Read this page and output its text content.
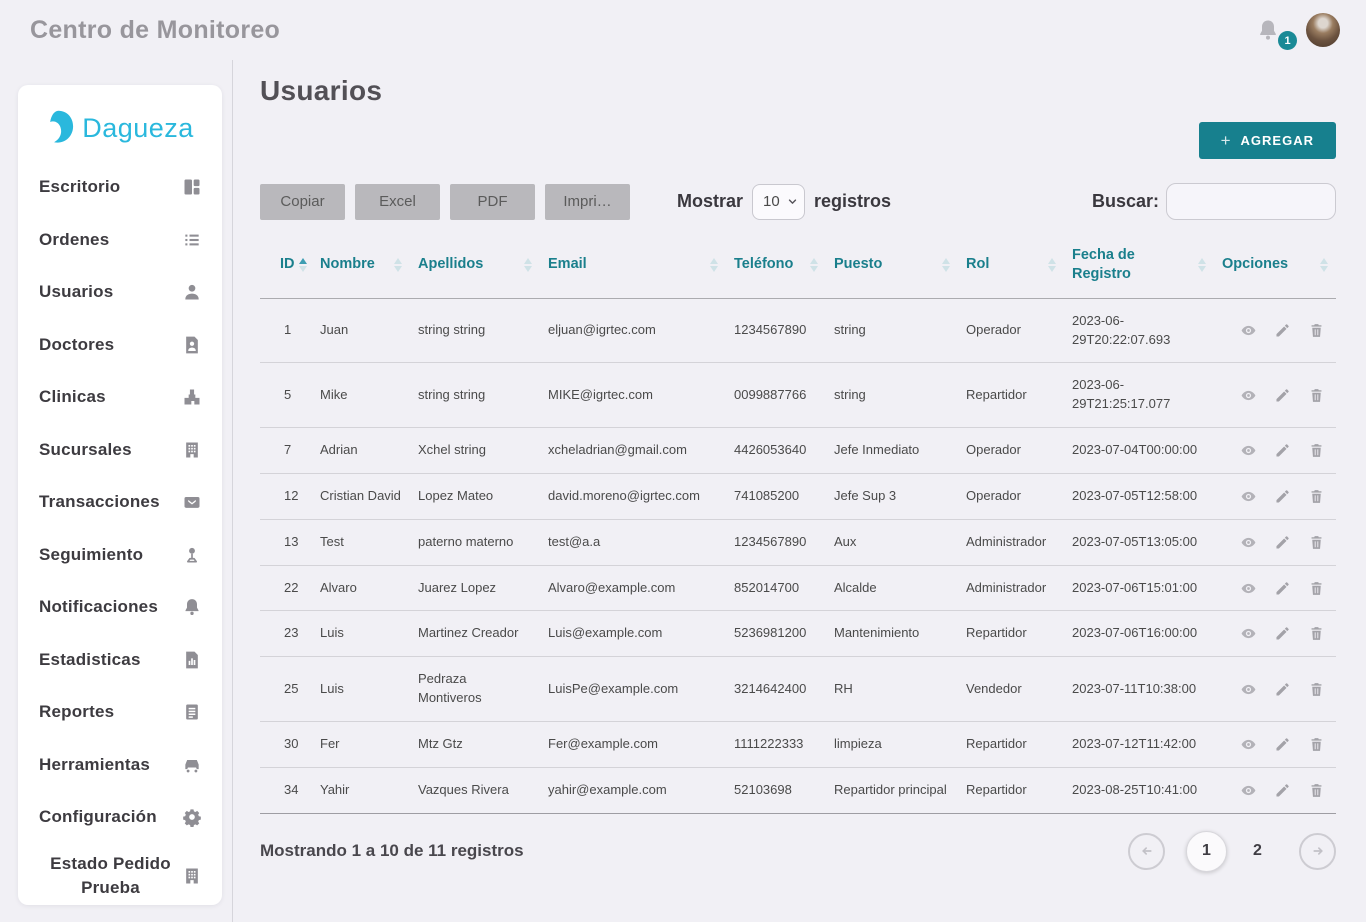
Centro de Monitoreo	1
Dagueza
Escritorio
Ordenes
Usuarios
Doctores
Clinicas
Sucursales
Transacciones
Seguimiento
Notificaciones
Estadisticas
Reportes
Herramientas
Configuración
Estado Pedido Prueba
Usuarios
+ AGREGAR
Copiar	Excel	PDF	Impri…	Mostrar
10	registros	Buscar:
ID	Nombre	Apellidos	Email	Teléfono	Puesto	Rol	Fecha de Registro	Opciones

1	Juan	string string	eljuan@igrtec.com	1234567890	string	Operador	2023-06-29T20:22:07.693	

5	Mike	string string	MIKE@igrtec.com	0099887766	string	Repartidor	2023-06-29T21:25:17.077	

7	Adrian	Xchel string	xcheladrian@gmail.com	4426053640	Jefe Inmediato	Operador	2023-07-04T00:00:00	

12	Cristian David	Lopez Mateo	david.moreno@igrtec.com	741085200	Jefe Sup 3	Operador	2023-07-05T12:58:00	

13	Test	paterno materno	test@a.a	1234567890	Aux	Administrador	2023-07-05T13:05:00	

22	Alvaro	Juarez Lopez	Alvaro@example.com	852014700	Alcalde	Administrador	2023-07-06T15:01:00	

23	Luis	Martinez Creador	Luis@example.com	5236981200	Mantenimiento	Repartidor	2023-07-06T16:00:00	

25	Luis	Pedraza Montiveros	LuisPe@example.com	3214642400	RH	Vendedor	2023-07-11T10:38:00	

30	Fer	Mtz Gtz	Fer@example.com	1111222333	limpieza	Repartidor	2023-07-12T11:42:00	

34	Yahir	Vazques Rivera	yahir@example.com	52103698	Repartidor principal	Repartidor	2023-08-25T10:41:00	
Mostrando 1 a 10 de 11 registros	1	2
